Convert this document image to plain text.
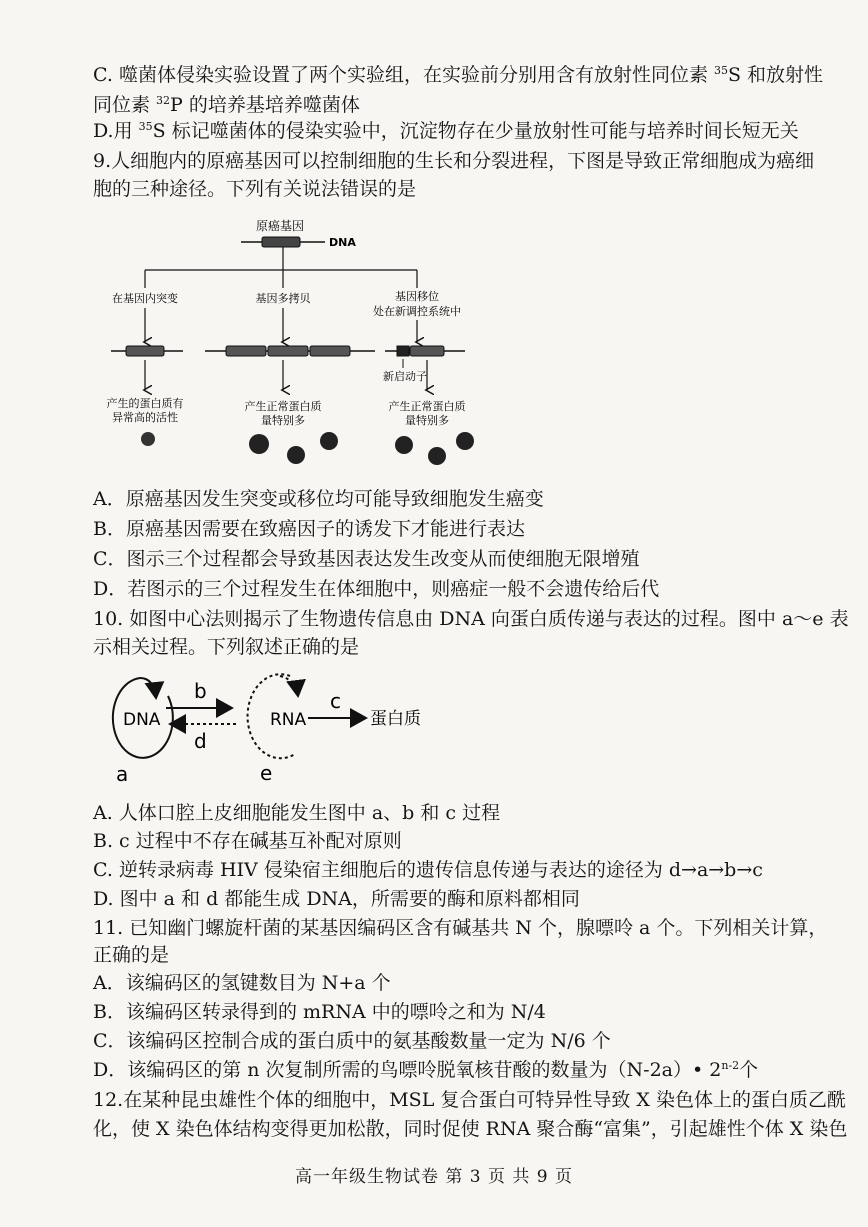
C. 噬菌体侵染实验设置了两个实验组，在实验前分别用含有放射性同位素 $^{35}$S 和放射性
同位素 $^{32}$P 的培养基培养噬菌体
D.用 $^{35}$S 标记噬菌体的侵染实验中，沉淀物存在少量放射性可能与培养时间长短无关
9.人细胞内的原癌基因可以控制细胞的生长和分裂进程，下图是导致正常细胞成为癌细
胞的三种途径。下列有关说法错误的是
原癌基因
DNA
在基因内突变	基因多拷贝	基因移位
处在新调控系统中
新启动子
产生的蛋白质有
异常高的活性
产生正常蛋白质
量特别多
产生正常蛋白质
量特别多
A．原癌基因发生突变或移位均可能导致细胞发生癌变
B．原癌基因需要在致癌因子的诱发下才能进行表达
C．图示三个过程都会导致基因表达发生改变从而使细胞无限增殖
D．若图示的三个过程发生在体细胞中，则癌症一般不会遗传给后代
10. 如图中心法则揭示了生物遗传信息由 DNA 向蛋白质传递与表达的过程。图中 a～e 表
示相关过程。下列叙述正确的是
DNA
a
b
d
RNA
e
c
蛋白质
A. 人体口腔上皮细胞能发生图中 a、b 和 c 过程
B. c 过程中不存在碱基互补配对原则
C. 逆转录病毒 HIV 侵染宿主细胞后的遗传信息传递与表达的途径为 d→a→b→c
D. 图中 a 和 d 都能生成 DNA，所需要的酶和原料都相同
11. 已知幽门螺旋杆菌的某基因编码区含有碱基共 N 个，腺嘌呤 a 个。下列相关计算，
正确的是
A．该编码区的氢键数目为 N+a 个
B．该编码区转录得到的 mRNA 中的嘌呤之和为 N/4
C．该编码区控制合成的蛋白质中的氨基酸数量一定为 N/6 个
D．该编码区的第 n 次复制所需的鸟嘌呤脱氧核苷酸的数量为（N-2a）• 2$^{n-2}$个
12.在某种昆虫雄性个体的细胞中，MSL 复合蛋白可特异性导致 X 染色体上的蛋白质乙酰
化，使 X 染色体结构变得更加松散，同时促使 RNA 聚合酶“富集”，引起雄性个体 X 染色
高一年级生物试卷 第 3 页 共 9 页
